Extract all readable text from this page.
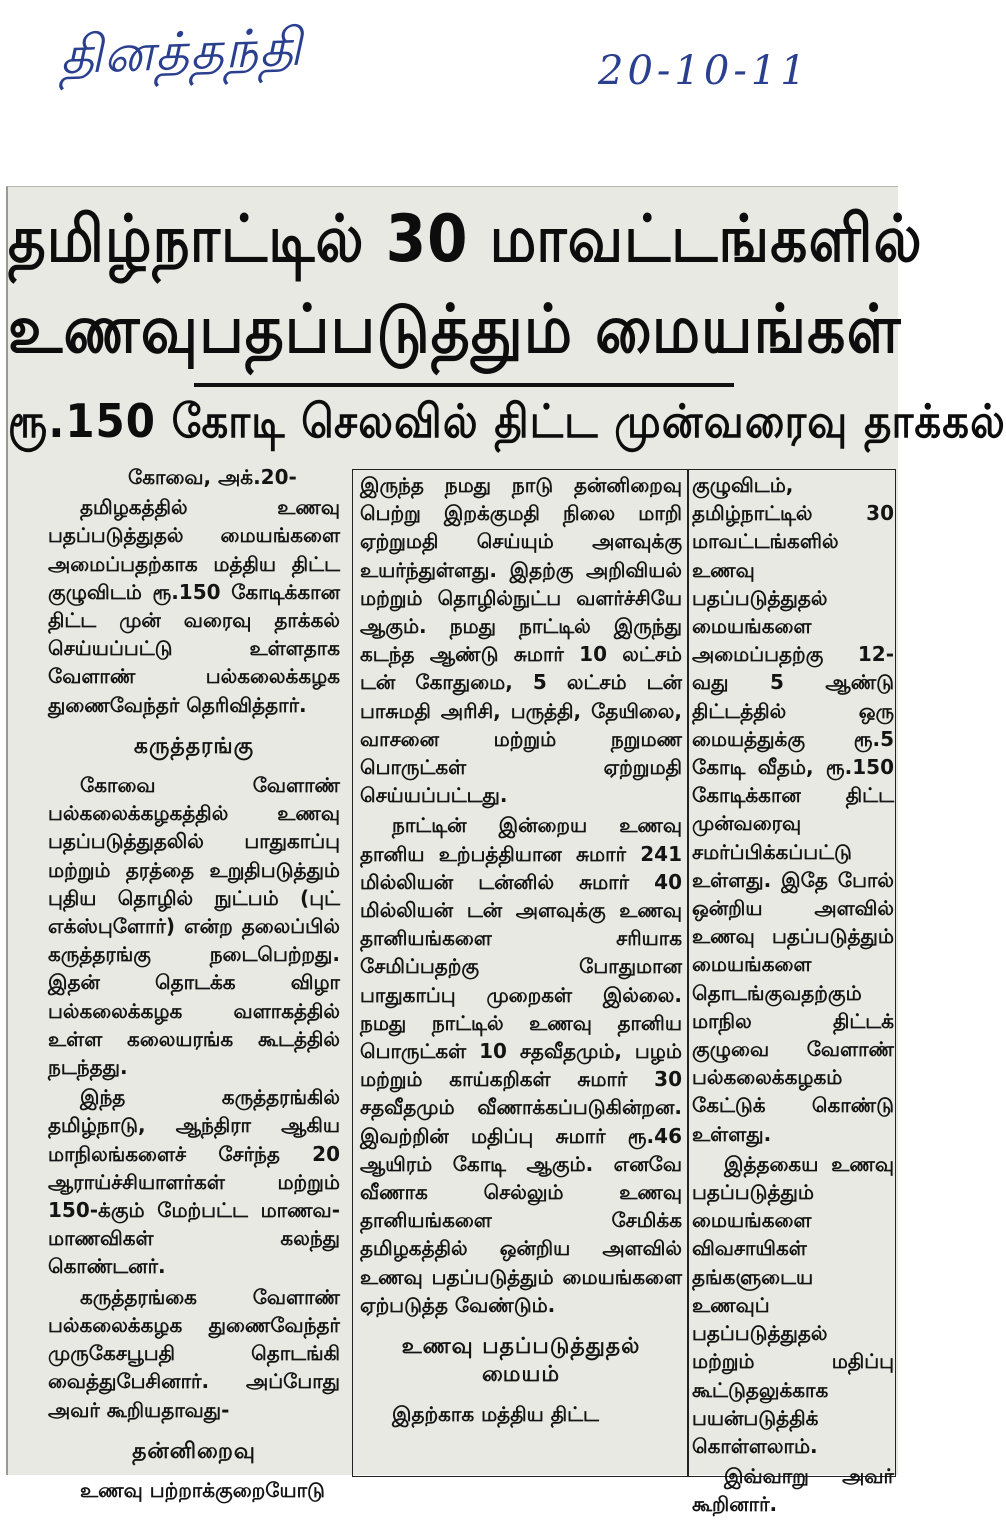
தினத்தந்தி	20-10-11
தமிழ்நாட்டில் 30 மாவட்டங்களில்
உணவுபதப்படுத்தும் மையங்கள்
ரூ.150 கோடி செலவில் திட்ட முன்வரைவு தாக்கல்

கோவை, அக்.20-

தமிழகத்தில் உணவு பதப்படுத்துதல் மையங்களை அமைப்பதற்காக மத்திய திட்ட குழுவிடம் ரூ.150 கோடிக்கான திட்ட முன் வரைவு தாக்கல் செய்யப்பட்டு உள்ளதாக வேளாண் பல்கலைக்கழக துணைவேந்தர் தெரிவித்தார்.

கருத்தரங்கு

கோவை வேளாண் பல்கலைக்கழகத்தில் உணவு பதப்படுத்துதலில் பாதுகாப்பு மற்றும் தரத்தை உறுதிபடுத்தும் புதிய தொழில் நுட்பம் (புட் எக்ஸ்புளோர்) என்ற தலைப்பில் கருத்தரங்கு நடைபெற்றது. இதன் தொடக்க விழா பல்கலைக்கழக வளாகத்தில் உள்ள கலையரங்க கூடத்தில் நடந்தது.

இந்த கருத்தரங்கில் தமிழ்நாடு, ஆந்திரா ஆகிய மாநிலங்களைச் சேர்ந்த 20 ஆராய்ச்சியாளர்கள் மற்றும் 150-க்கும் மேற்பட்ட மாணவ-மாணவிகள் கலந்து கொண்டனர்.

கருத்தரங்கை வேளாண் பல்கலைக்கழக துணைவேந்தர் முருகேசபூபதி தொடங்கி வைத்துபேசினார். அப்போது அவர் கூறியதாவது-

தன்னிறைவு

உணவு பற்றாக்குறையோடு

இருந்த நமது நாடு தன்னிறைவு பெற்று இறக்குமதி நிலை மாறி ஏற்றுமதி செய்யும் அளவுக்கு உயர்ந்துள்ளது. இதற்கு அறிவியல் மற்றும் தொழில்நுட்ப வளர்ச்சியே ஆகும். நமது நாட்டில் இருந்து கடந்த ஆண்டு சுமார் 10 லட்சம் டன் கோதுமை, 5 லட்சம் டன் பாசுமதி அரிசி, பருத்தி, தேயிலை, வாசனை மற்றும் நறுமண பொருட்கள் ஏற்றுமதி செய்யப்பட்டது.

நாட்டின் இன்றைய உணவு தானிய உற்பத்தியான சுமார் 241 மில்லியன் டன்னில் சுமார் 40 மில்லியன் டன் அளவுக்கு உணவு தானியங்களை சரியாக சேமிப்பதற்கு போதுமான பாதுகாப்பு முறைகள் இல்லை. நமது நாட்டில் உணவு தானிய பொருட்கள் 10 சதவீதமும், பழம் மற்றும் காய்கறிகள் சுமார் 30 சதவீதமும் வீணாக்கப்படுகின்றன. இவற்றின் மதிப்பு சுமார் ரூ.46 ஆயிரம் கோடி ஆகும். எனவே வீணாக செல்லும் உணவு தானியங்களை சேமிக்க தமிழகத்தில் ஒன்றிய அளவில் உணவு பதப்படுத்தும் மையங்களை ஏற்படுத்த வேண்டும்.

உணவு பதப்படுத்துதல் மையம்

இதற்காக மத்திய திட்ட

குழுவிடம், தமிழ்நாட்டில் 30 மாவட்டங்களில் உணவு பதப்படுத்துதல் மையங்களை அமைப்பதற்கு 12-வது 5 ஆண்டு திட்டத்தில் ஒரு மையத்துக்கு ரூ.5 கோடி வீதம், ரூ.150 கோடிக்கான திட்ட முன்வரைவு சமர்ப்பிக்கப்பட்டு உள்ளது. இதே போல் ஒன்றிய அளவில் உணவு பதப்படுத்தும் மையங்களை தொடங்குவதற்கும் மாநில திட்டக் குழுவை வேளாண் பல்கலைக்கழகம் கேட்டுக் கொண்டு உள்ளது.

இத்தகைய உணவு பதப்படுத்தும் மையங்களை விவசாயிகள் தங்களுடைய உணவுப் பதப்படுத்துதல் மற்றும் மதிப்பு கூட்டுதலுக்காக பயன்படுத்திக் கொள்ளலாம்.

இவ்வாறு அவர் கூறினார்.
